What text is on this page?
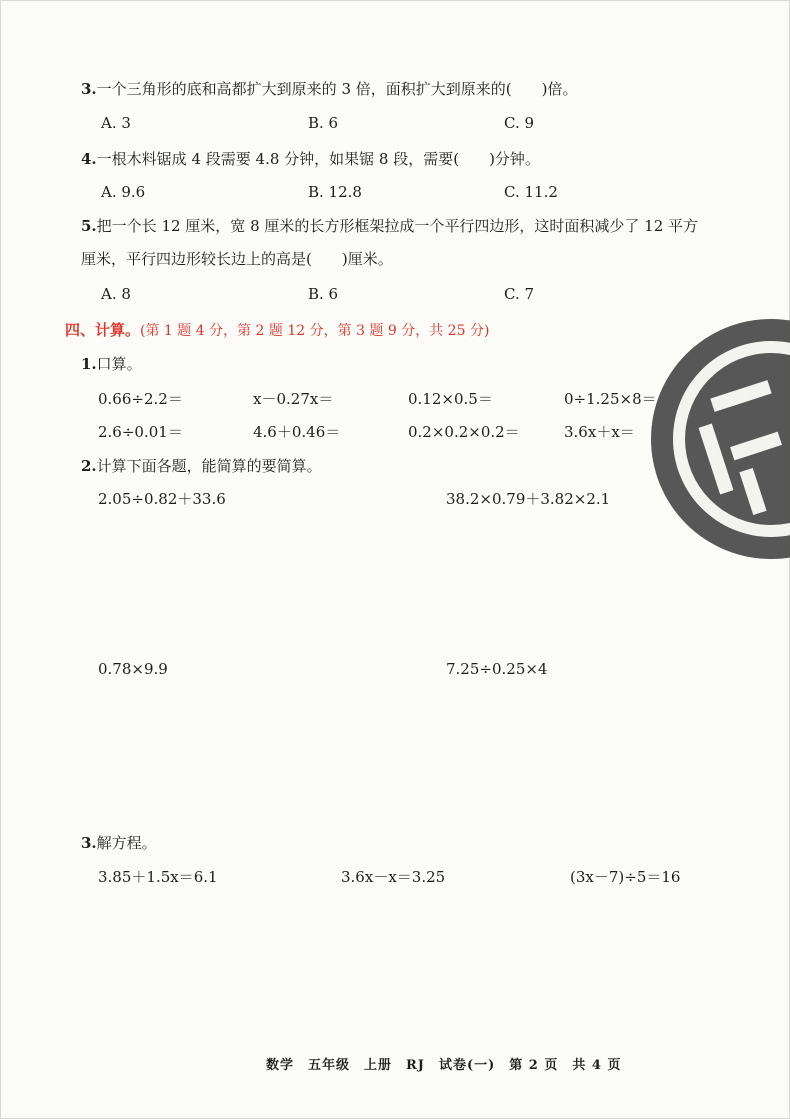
3.一个三角形的底和高都扩大到原来的 3 倍，面积扩大到原来的(　　)倍。
A. 3	B. 6	C. 9
4.一根木料锯成 4 段需要 4.8 分钟，如果锯 8 段，需要(　　)分钟。
A. 9.6	B. 12.8	C. 11.2
5.把一个长 12 厘米，宽 8 厘米的长方形框架拉成一个平行四边形，这时面积减少了 12 平方
厘米，平行四边形较长边上的高是(　　)厘米。
A. 8	B. 6	C. 7
四、计算。(第 1 题 4 分，第 2 题 12 分，第 3 题 9 分，共 25 分)
1.口算。
0.66÷2.2＝	x－0.27x＝	0.12×0.5＝	0÷1.25×8＝
2.6÷0.01＝	4.6＋0.46＝	0.2×0.2×0.2＝	3.6x＋x＝
2.计算下面各题，能简算的要简算。
2.05÷0.82＋33.6	38.2×0.79＋3.82×2.1
0.78×9.9	7.25÷0.25×4
3.解方程。
3.85＋1.5x＝6.1	3.6x－x＝3.25	(3x－7)÷5＝16
数学　五年级　上册　RJ　试卷(一)　第 2 页　共 4 页
